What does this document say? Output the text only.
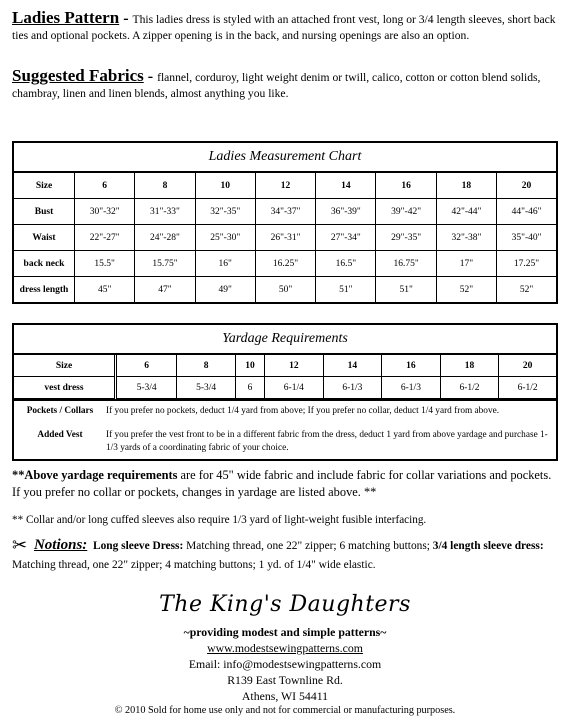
Ladies Pattern - This ladies dress is styled with an attached front vest, long or 3/4 length sleeves, short back ties and optional pockets. A zipper opening is in the back, and nursing openings are also an option.
Suggested Fabrics - flannel, corduroy, light weight denim or twill, calico, cotton or cotton blend solids, chambray, linen and linen blends, almost anything you like.
Ladies Measurement Chart
Size	6	8	10	12	14	16	18	20
Bust	30"-32"	31"-33"	32"-35"	34"-37"	36"-39"	39"-42"	42"-44"	44"-46"
Waist	22"-27"	24"-28"	25"-30"	26"-31"	27"-34"	29"-35"	32"-38"	35"-40"
back neck	15.5"	15.75"	16"	16.25"	16.5"	16.75"	17"	17.25"
dress length	45"	47"	49"	50"	51"	51"	52"	52"
Yardage Requirements
Size	6	8	10	12	14	16	18	20
vest dress	5-3/4	5-3/4	6	6-1/4	6-1/3	6-1/3	6-1/2	6-1/2
Pockets / Collars	If you prefer no pockets, deduct 1/4 yard from above; If you prefer no collar, deduct 1/4 yard from above.
Added Vest	If you prefer the vest front to be in a different fabric from the dress, deduct 1 yard from above yardage and purchase 1-1/3 yards of a coordinating fabric of your choice.
**Above yardage requirements are for 45" wide fabric and include fabric for collar variations and pockets. If you prefer no collar or pockets, changes in yardage are listed above. **
** Collar and/or long cuffed sleeves also require 1/3 yard of light-weight fusible interfacing.
✂ Notions: Long sleeve Dress: Matching thread, one 22" zipper; 6 matching buttons; 3/4 length sleeve dress: Matching thread, one 22" zipper; 4 matching buttons; 1 yd. of 1/4" wide elastic.
The King's Daughters
~providing modest and simple patterns~
www.modestsewingpatterns.com
Email: info@modestsewingpatterns.com
R139 East Townline Rd.
Athens, WI 54411
© 2010 Sold for home use only and not for commercial or manufacturing purposes.
